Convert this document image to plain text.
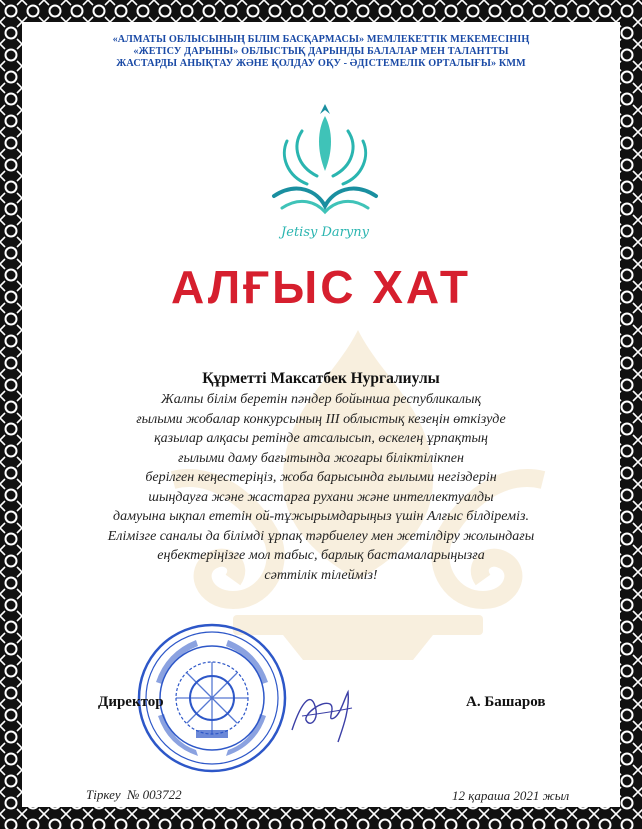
«АЛМАТЫ ОБЛЫСЫНЫҢ БІЛІМ БАСҚАРМАСЫ» МЕМЛЕКЕТТІК МЕКЕМЕСІНІҢ
«ЖЕТІСУ ДАРЫНЫ» ОБЛЫСТЫҚ ДАРЫНДЫ БАЛАЛАР МЕН ТАЛАНТТЫ
ЖАСТАРДЫ АНЫҚТАУ ЖӘНЕ ҚОЛДАУ ОҚУ - ӘДІСТЕМЕЛІК ОРТАЛЫҒЫ» КММ
Jetisy Daryny
АЛҒЫС ХАТ
Құрметті Максатбек Нургалиулы
Жалпы білім беретін пәндер бойынша республикалық
ғылыми жобалар конкурсының III облыстық кезеңін өткізуде
қазылар алқасы ретінде атсалысып, өскелең ұрпақтың
ғылыми даму бағытында жоғары біліктілікпен
берілген кеңестеріңіз, жоба барысында ғылыми негіздерін
шыңдауға және жастарға рухани және интеллектуалды
дамуына ықпал ететін ой-тұжырымдарыңыз үшін Алғыс білдіреміз.
Елімізге саналы да білімді ұрпақ тәрбиелеу мен жетілдіру жолындағы
еңбектеріңізге мол табыс, барлық бастамаларыңызға
сәттілік тілейміз!
Директор	А. Башаров
Тіркеу  № 003722	12 қараша 2021 жыл
